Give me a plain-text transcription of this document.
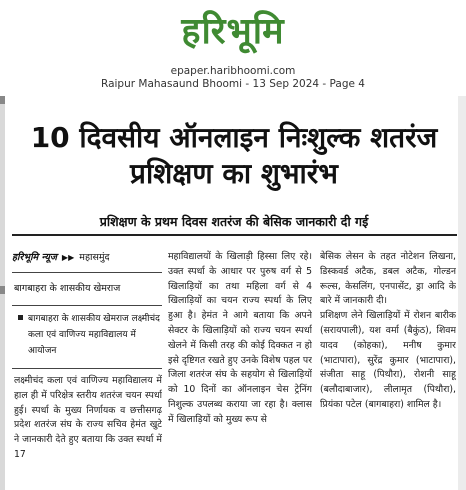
हरिभूमि
epaper.haribhoomi.com
Raipur Mahasaund Bhoomi - 13 Sep 2024 - Page 4
10 दिवसीय ऑनलाइन निःशुल्क शतरंज प्रशिक्षण का शुभारंभ
प्रशिक्षण के प्रथम दिवस शतरंज की बेसिक जानकारी दी गई
हरिभूमि न्यूज ▶▶ महासमुंद
बागबाहरा के शासकीय खेमराज
बागबाहरा के शासकीय खेमराज लक्ष्मीचंद कला एवं वाणिज्य महाविद्यालय में आयोजन
लक्ष्मीचंद कला एवं वाणिज्य महाविद्यालय में हाल ही में परिक्षेत्र स्तरीय शतरंज चयन स्पर्धा हुई। स्पर्धा के मुख्य निर्णायक व छत्तीसगढ़ प्रदेश शतरंज संघ के राज्य सचिव हेमंत खुटे ने जानकारी देते हुए बताया कि उक्त स्पर्धा में 17
महाविद्यालयों के खिलाड़ी हिस्सा लिए रहे। उक्त स्पर्धा के आधार पर पुरुष वर्ग से 5 खिलाड़ियों का तथा महिला वर्ग से 4 खिलाड़ियों का चयन राज्य स्पर्धा के लिए हुआ है। हेमंत ने आगे बताया कि अपने सेक्टर के खिलाड़ियों को राज्य चयन स्पर्धा खेलने में किसी तरह की कोई दिक्कत न हो इसे दृष्टिगत रखते हुए उनके विशेष पहल पर जिला शतरंज संघ के सहयोग से खिलाड़ियों को 10 दिनों का ऑनलाइन चेस ट्रेनिंग निशुल्क उपलब्ध कराया जा रहा है। क्लास में खिलाड़ियों को मुख्य रूप से
बेसिक लेसन के तहत नोटेशन लिखना, डिस्कवर्ड अटैक, डबल अटैक, गोल्डन रूल्स, केसलिंग, एनपासेंट, ड्रा आदि के बारे में जानकारी दी।
प्रशिक्षण लेने खिलाड़ियों में रोशन बारीक (सरायपाली), यश वर्मा (बैकुंठ), शिवम यादव (कोहका), मनीष कुमार (भाटापारा), सुरेंद्र कुमार (भाटापारा), संजीता साहू (पिथौरा), रोशनी साहू (बलौदाबाजार), लीलामृत (पिथौरा), प्रियंका पटेल (बागबाहरा) शामिल है।
